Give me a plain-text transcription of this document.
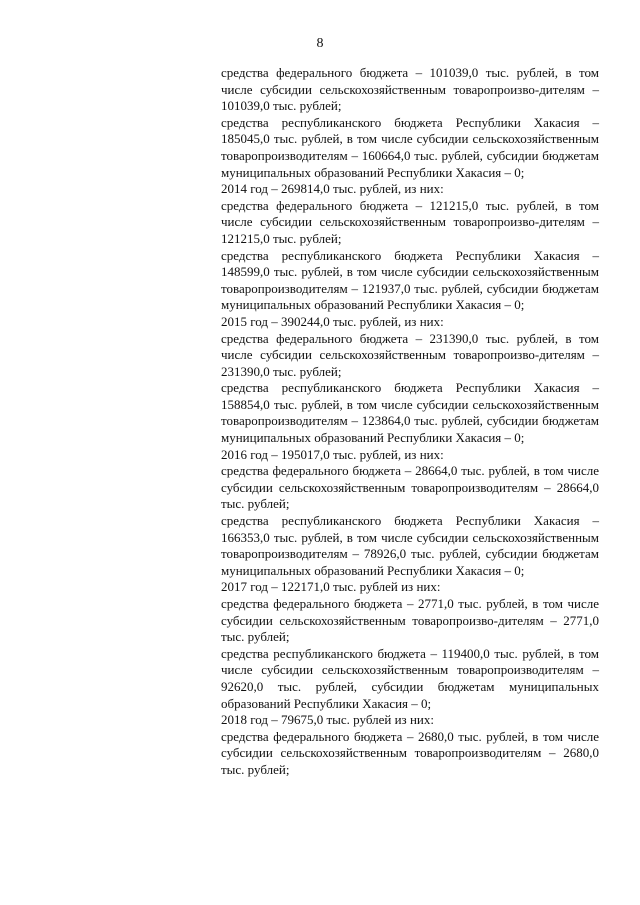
8

средства федерального бюджета – 101039,0 тыс. рублей, в том числе субсидии сельскохозяйственным товаропроизво-дителям – 101039,0 тыс. рублей;

средства республиканского бюджета Республики Хакасия – 185045,0 тыс. рублей, в том числе субсидии сельскохозяйственным товаропроизводителям – 160664,0 тыс. рублей, субсидии бюджетам муниципальных образований Республики Хакасия – 0;

2014 год – 269814,0 тыс. рублей, из них:

средства федерального бюджета – 121215,0 тыс. рублей, в том числе субсидии сельскохозяйственным товаропроизво-дителям – 121215,0 тыс. рублей;

средства республиканского бюджета Республики Хакасия – 148599,0 тыс. рублей, в том числе субсидии сельскохозяйственным товаропроизводителям – 121937,0 тыс. рублей, субсидии бюджетам муниципальных образований Республики Хакасия – 0;

2015 год – 390244,0 тыс. рублей, из них:

средства федерального бюджета – 231390,0 тыс. рублей, в том числе субсидии сельскохозяйственным товаропроизво-дителям – 231390,0 тыс. рублей;

средства республиканского бюджета Республики Хакасия – 158854,0 тыс. рублей, в том числе субсидии сельскохозяйственным товаропроизводителям – 123864,0 тыс. рублей, субсидии бюджетам муниципальных образований Республики Хакасия – 0;

2016 год – 195017,0 тыс. рублей, из них:

средства федерального бюджета – 28664,0 тыс. рублей, в том числе субсидии сельскохозяйственным товаропроизводителям – 28664,0 тыс. рублей;

средства республиканского бюджета Республики Хакасия – 166353,0 тыс. рублей, в том числе субсидии сельскохозяйственным товаропроизводителям – 78926,0 тыс. рублей, субсидии бюджетам муниципальных образований Республики Хакасия – 0;

2017 год – 122171,0 тыс. рублей из них:

средства федерального бюджета – 2771,0 тыс. рублей, в том числе субсидии сельскохозяйственным товаропроизво-дителям – 2771,0 тыс. рублей;

средства республиканского бюджета – 119400,0 тыс. рублей, в том числе субсидии сельскохозяйственным товаропроизводителям – 92620,0 тыс. рублей, субсидии бюджетам муниципальных образований Республики Хакасия – 0;

2018 год – 79675,0 тыс. рублей из них:

средства федерального бюджета – 2680,0 тыс. рублей, в том числе субсидии сельскохозяйственным товаропроизводителям – 2680,0 тыс. рублей;
